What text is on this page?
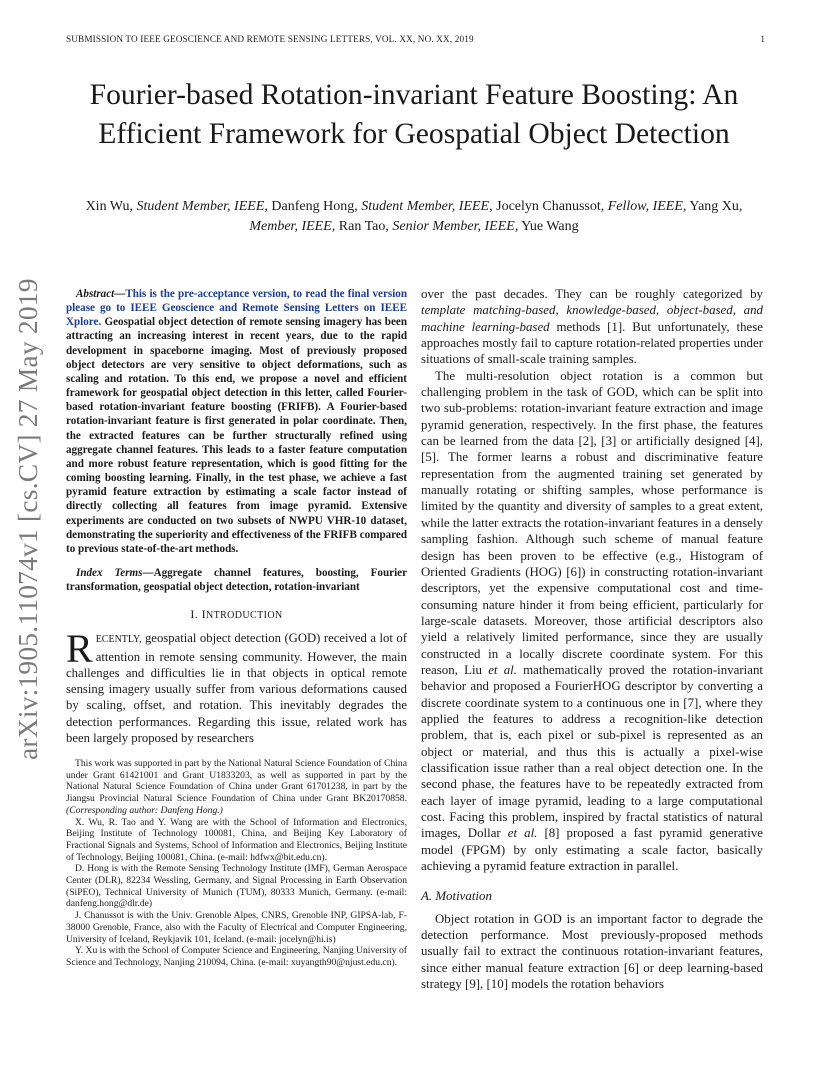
SUBMISSION TO IEEE GEOSCIENCE AND REMOTE SENSING LETTERS, VOL. XX, NO. XX, 2019	1
arXiv:1905.11074v1 [cs.CV] 27 May 2019
Fourier-based Rotation-invariant Feature Boosting: An Efficient Framework for Geospatial Object Detection
Xin Wu, Student Member, IEEE, Danfeng Hong, Student Member, IEEE, Jocelyn Chanussot, Fellow, IEEE, Yang Xu, Member, IEEE, Ran Tao, Senior Member, IEEE, Yue Wang

Abstract—This is the pre-acceptance version, to read the final version please go to IEEE Geoscience and Remote Sensing Letters on IEEE Xplore. Geospatial object detection of remote sensing imagery has been attracting an increasing interest in recent years, due to the rapid development in spaceborne imaging. Most of previously proposed object detectors are very sensitive to object deformations, such as scaling and rotation. To this end, we propose a novel and efficient framework for geospatial object detection in this letter, called Fourier-based rotation-invariant feature boosting (FRIFB). A Fourier-based rotation-invariant feature is first generated in polar coordinate. Then, the extracted features can be further structurally refined using aggregate channel features. This leads to a faster feature computation and more robust feature representation, which is good fitting for the coming boosting learning. Finally, in the test phase, we achieve a fast pyramid feature extraction by estimating a scale factor instead of directly collecting all features from image pyramid. Extensive experiments are conducted on two subsets of NWPU VHR-10 dataset, demonstrating the superiority and effectiveness of the FRIFB compared to previous state-of-the-art methods.

Index Terms—Aggregate channel features, boosting, Fourier transformation, geospatial object detection, rotation-invariant

I. INTRODUCTION

RECENTLY, geospatial object detection (GOD) received a lot of attention in remote sensing community. However, the main challenges and difficulties lie in that objects in optical remote sensing imagery usually suffer from various deformations caused by scaling, offset, and rotation. This inevitably degrades the detection performances. Regarding this issue, related work has been largely proposed by researchers

This work was supported in part by the National Natural Science Foundation of China under Grant 61421001 and Grant U1833203, as well as supported in part by the National Natural Science Foundation of China under Grant 61701238, in part by the Jiangsu Provincial Natural Science Foundation of China under Grant BK20170858. (Corresponding author: Danfeng Hong.)

X. Wu, R. Tao and Y. Wang are with the School of Information and Electronics, Beijing Institute of Technology 100081, China, and Beijing Key Laboratory of Fractional Signals and Systems, School of Information and Electronics, Beijing Institute of Technology, Beijing 100081, China. (e-mail: hdfwx@bit.edu.cn).

D. Hong is with the Remote Sensing Technology Institute (IMF), German Aerospace Center (DLR), 82234 Wessling, Germany, and Signal Processing in Earth Observation (SiPEO), Technical University of Munich (TUM), 80333 Munich, Germany. (e-mail: danfeng.hong@dlr.de)

J. Chanussot is with the Univ. Grenoble Alpes, CNRS, Grenoble INP, GIPSA-lab, F-38000 Grenoble, France, also with the Faculty of Electrical and Computer Engineering, University of Iceland, Reykjavik 101, Iceland. (e-mail: jocelyn@hi.is)

Y. Xu is with the School of Computer Science and Engineering, Nanjing University of Science and Technology, Nanjing 210094, China. (e-mail: xuyangth90@njust.edu.cn).

over the past decades. They can be roughly categorized by template matching-based, knowledge-based, object-based, and machine learning-based methods [1]. But unfortunately, these approaches mostly fail to capture rotation-related properties under situations of small-scale training samples.

The multi-resolution object rotation is a common but challenging problem in the task of GOD, which can be split into two sub-problems: rotation-invariant feature extraction and image pyramid generation, respectively. In the first phase, the features can be learned from the data [2], [3] or artificially designed [4], [5]. The former learns a robust and discriminative feature representation from the augmented training set generated by manually rotating or shifting samples, whose performance is limited by the quantity and diversity of samples to a great extent, while the latter extracts the rotation-invariant features in a densely sampling fashion. Although such scheme of manual feature design has been proven to be effective (e.g., Histogram of Oriented Gradients (HOG) [6]) in constructing rotation-invariant descriptors, yet the expensive computational cost and time-consuming nature hinder it from being efficient, particularly for large-scale datasets. Moreover, those artificial descriptors also yield a relatively limited performance, since they are usually constructed in a locally discrete coordinate system. For this reason, Liu et al. mathematically proved the rotation-invariant behavior and proposed a FourierHOG descriptor by converting a discrete coordinate system to a continuous one in [7], where they applied the features to address a recognition-like detection problem, that is, each pixel or sub-pixel is represented as an object or material, and thus this is actually a pixel-wise classification issue rather than a real object detection one. In the second phase, the features have to be repeatedly extracted from each layer of image pyramid, leading to a large computational cost. Facing this problem, inspired by fractal statistics of natural images, Dollar et al. [8] proposed a fast pyramid generative model (FPGM) by only estimating a scale factor, basically achieving a pyramid feature extraction in parallel.

A. Motivation

Object rotation in GOD is an important factor to degrade the detection performance. Most previously-proposed methods usually fail to extract the continuous rotation-invariant features, since either manual feature extraction [6] or deep learning-based strategy [9], [10] models the rotation behaviors
